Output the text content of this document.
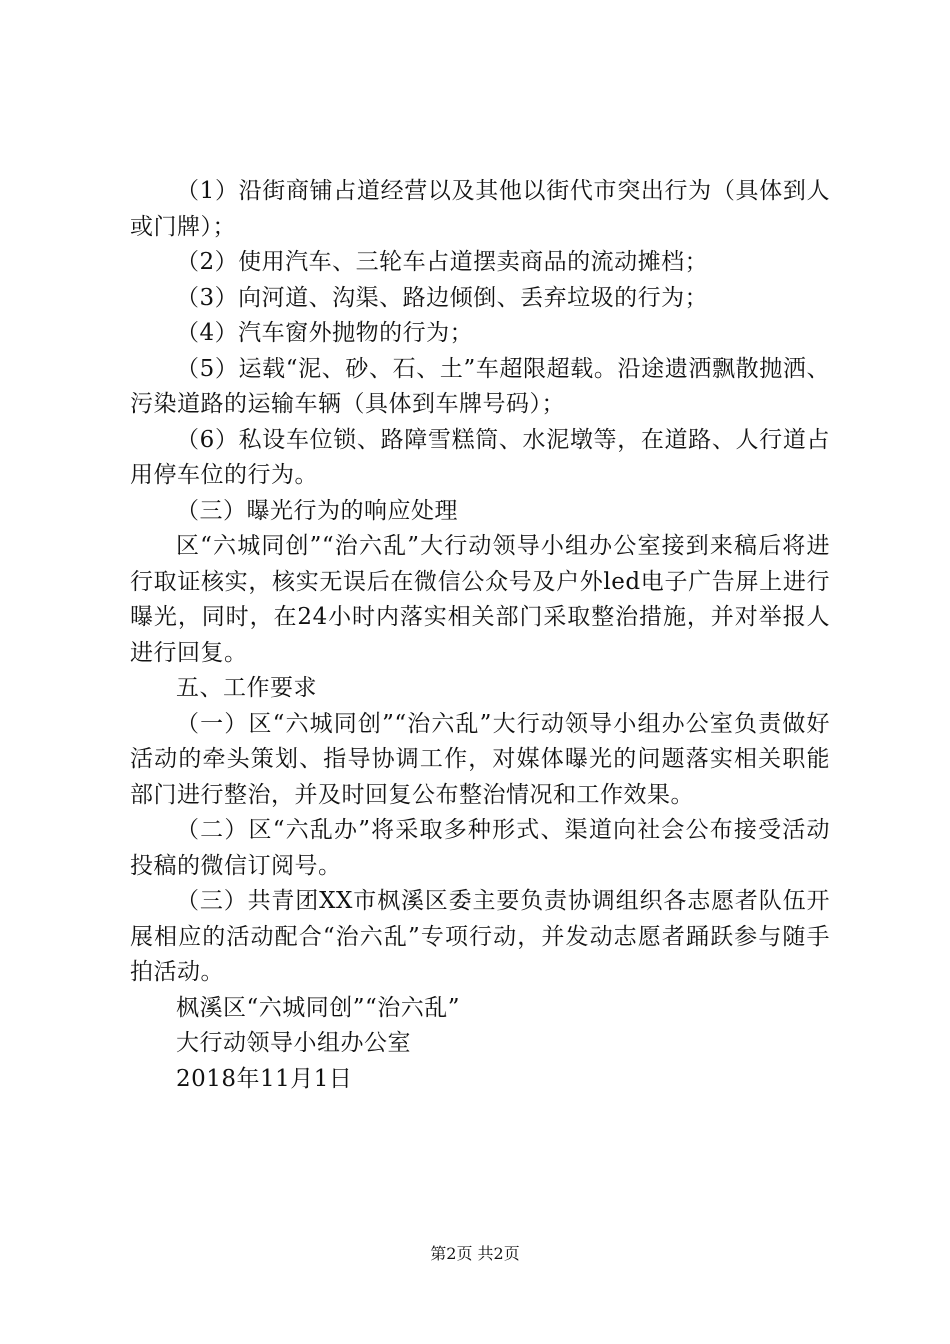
（1）沿街商铺占道经营以及其他以街代市突出行为（具体到人或门牌）；

（2）使用汽车、三轮车占道摆卖商品的流动摊档；

（3）向河道、沟渠、路边倾倒、丢弃垃圾的行为；

（4）汽车窗外抛物的行为；

（5）运载“泥、砂、石、土”车超限超载。沿途遗洒飘散抛洒、污染道路的运输车辆（具体到车牌号码）；

（6）私设车位锁、路障雪糕筒、水泥墩等，在道路、人行道占用停车位的行为。

（三）曝光行为的响应处理

区“六城同创”“治六乱”大行动领导小组办公室接到来稿后将进行取证核实，核实无误后在微信公众号及户外led电子广告屏上进行曝光，同时，在24小时内落实相关部门采取整治措施，并对举报人进行回复。

五、工作要求

（一）区“六城同创”“治六乱”大行动领导小组办公室负责做好活动的牵头策划、指导协调工作，对媒体曝光的问题落实相关职能部门进行整治，并及时回复公布整治情况和工作效果。

（二）区“六乱办”将采取多种形式、渠道向社会公布接受活动投稿的微信订阅号。

（三）共青团XX市枫溪区委主要负责协调组织各志愿者队伍开展相应的活动配合“治六乱”专项行动，并发动志愿者踊跃参与随手拍活动。

枫溪区“六城同创”“治六乱”

大行动领导小组办公室

2018年11月1日

第2页 共2页
